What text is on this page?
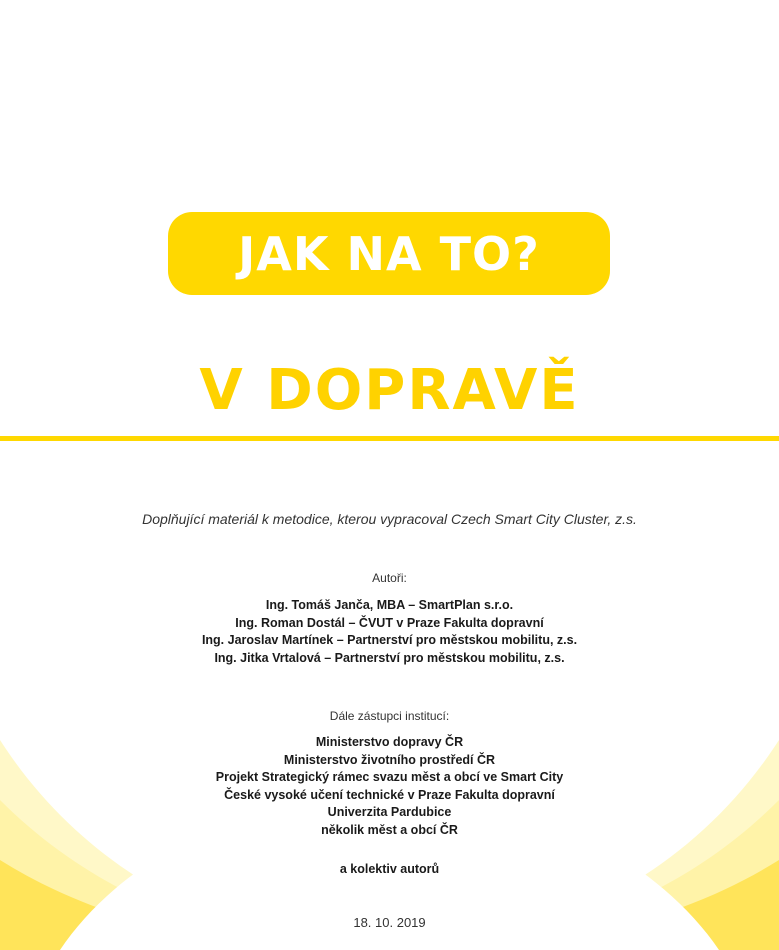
JAK NA TO?
V DOPRAVĚ
Doplňující materiál k metodice, kterou vypracoval Czech Smart City Cluster, z.s.
Autoři:
Ing. Tomáš Janča, MBA – SmartPlan s.r.o.
Ing. Roman Dostál – ČVUT v Praze Fakulta dopravní
Ing. Jaroslav Martínek – Partnerství pro městskou mobilitu, z.s.
Ing. Jitka Vrtalová – Partnerství pro městskou mobilitu, z.s.
Dále zástupci institucí:
Ministerstvo dopravy ČR
Ministerstvo životního prostředí ČR
Projekt Strategický rámec svazu měst a obcí ve Smart City
České vysoké učení technické v Praze Fakulta dopravní
Univerzita Pardubice
několik měst a obcí ČR
a kolektiv autorů
18. 10. 2019
